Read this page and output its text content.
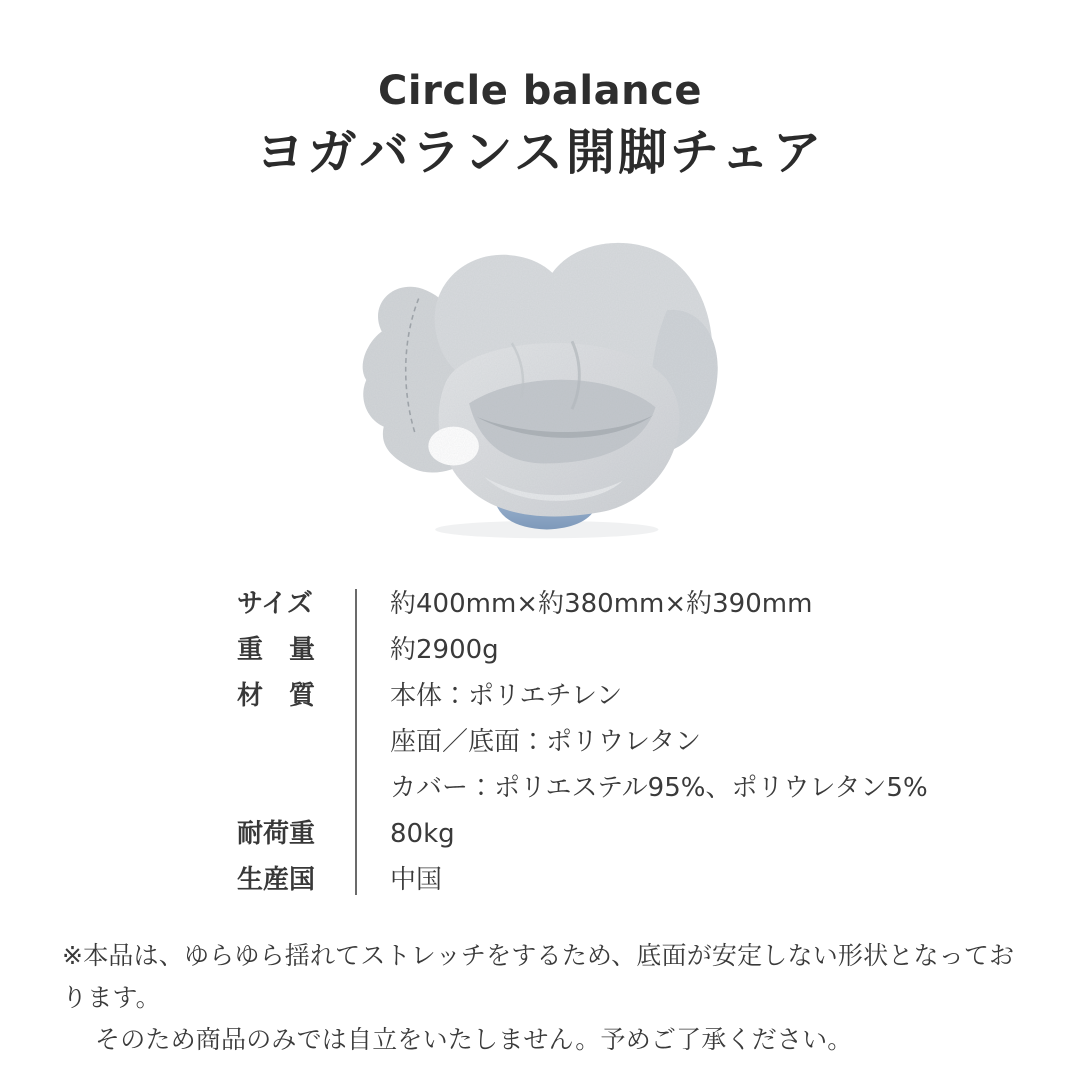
Circle balance
ヨガバランス開脚チェア
サイズ	約400mm×約380mm×約390mm
重　量	約2900g
材　質	本体：ポリエチレン
座面／底面：ポリウレタン
カバー：ポリエステル95%、ポリウレタン5%
耐荷重	80kg
生産国	中国

※本品は、ゆらゆら揺れてストレッチをするため、底面が安定しない形状となっております。

そのため商品のみでは自立をいたしません。予めご了承ください。
